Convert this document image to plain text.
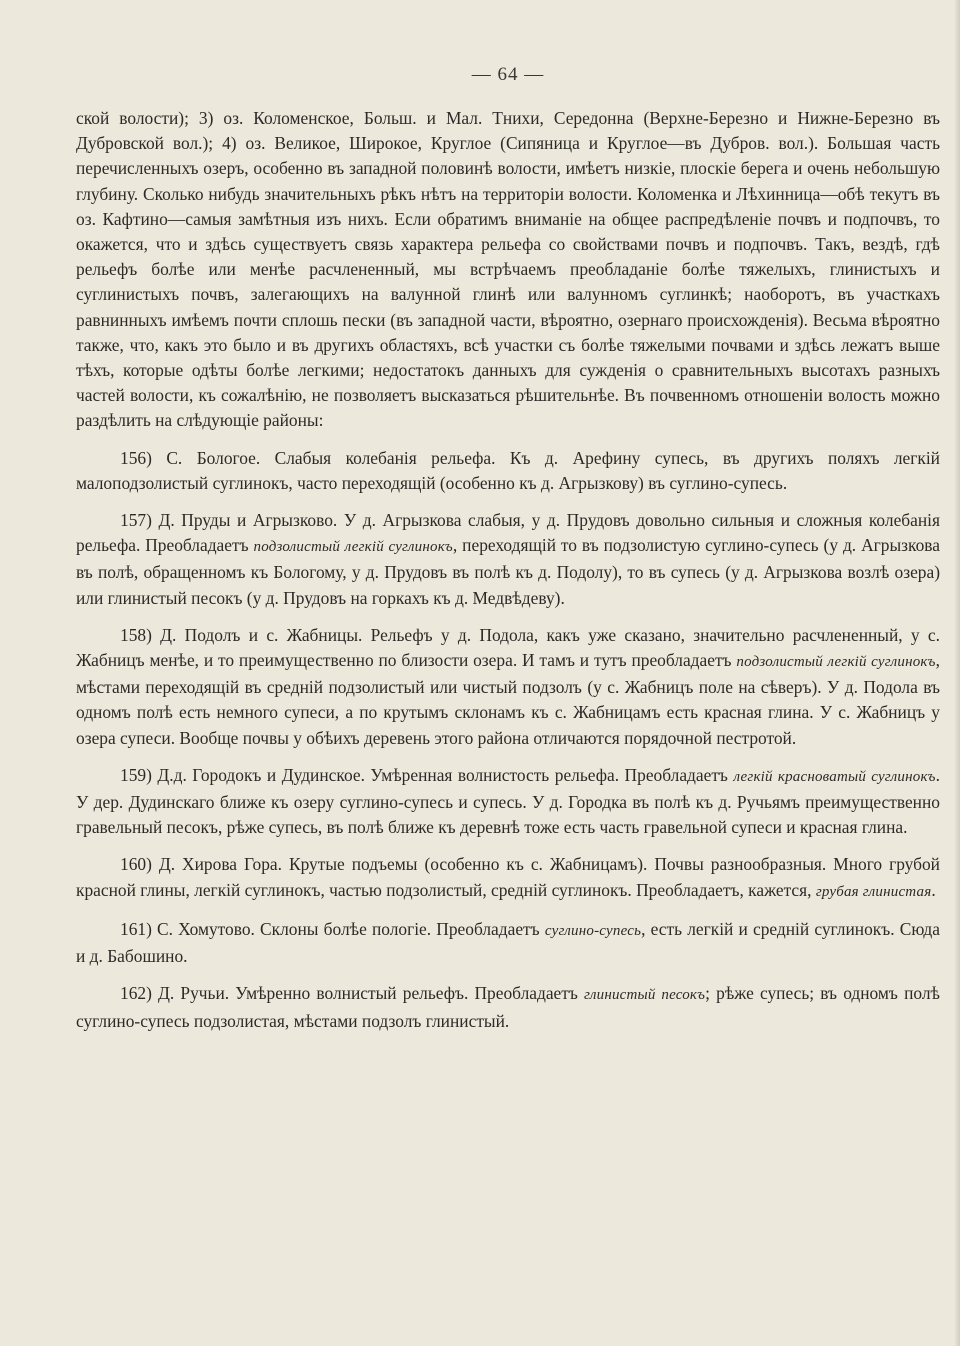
— 64 —

ской волости); 3) оз. Коломенское, Больш. и Мал. Тнихи, Середонна (Верхне-Березно и Нижне-Березно въ Дубровской вол.); 4) оз. Великое, Широкое, Круглое (Сипяница и Круглое—въ Дубров. вол.). Большая часть перечисленныхъ озеръ, особенно въ западной половинѣ волости, имѣетъ низкіе, плоскіе берега и очень небольшую глубину. Сколько нибудь значительныхъ рѣкъ нѣтъ на территоріи волости. Коломенка и Лѣхинница—обѣ текутъ въ оз. Кафтино—самыя замѣтныя изъ нихъ. Если обратимъ вниманіе на общее распредѣленіе почвъ и подпочвъ, то окажется, что и здѣсь существуетъ связь характера рельефа со свойствами почвъ и подпочвъ. Такъ, вездѣ, гдѣ рельефъ болѣе или менѣе расчлененный, мы встрѣчаемъ преобладаніе болѣе тяжелыхъ, глинистыхъ и суглинистыхъ почвъ, залегающихъ на валунной глинѣ или валунномъ суглинкѣ; наоборотъ, въ участкахъ равнинныхъ имѣемъ почти сплошь пески (въ западной части, вѣроятно, озернаго происхожденія). Весьма вѣроятно также, что, какъ это было и въ другихъ областяхъ, всѣ участки съ болѣе тяжелыми почвами и здѣсь лежатъ выше тѣхъ, которые одѣты болѣе легкими; недостатокъ данныхъ для сужденія о сравнительныхъ высотахъ разныхъ частей волости, къ сожалѣнію, не позволяетъ высказаться рѣшительнѣе. Въ почвенномъ отношеніи волость можно раздѣлить на слѣдующіе районы:

156) С. Бологое. Слабыя колебанія рельефа. Къ д. Арефину супесь, въ другихъ поляхъ легкій малоподзолистый суглинокъ, часто переходящій (особенно къ д. Агрызкову) въ суглино-супесь.

157) Д. Пруды и Агрызково. У д. Агрызкова слабыя, у д. Прудовъ довольно сильныя и сложныя колебанія рельефа. Преобладаетъ подзолистый легкій суглинокъ, переходящій то въ подзолистую суглино-супесь (у д. Агрызкова въ полѣ, обращенномъ къ Бологому, у д. Прудовъ въ полѣ къ д. Подолу), то въ супесь (у д. Агрызкова возлѣ озера) или глинистый песокъ (у д. Прудовъ на горкахъ къ д. Медвѣдеву).

158) Д. Подолъ и с. Жабницы. Рельефъ у д. Подола, какъ уже сказано, значительно расчлененный, у с. Жабницъ менѣе, и то преимущественно по близости озера. И тамъ и тутъ преобладаетъ подзолистый легкій суглинокъ, мѣстами переходящій въ средній подзолистый или чистый подзолъ (у с. Жабницъ поле на сѣверъ). У д. Подола въ одномъ полѣ есть немного супеси, а по крутымъ склонамъ къ с. Жабницамъ есть красная глина. У с. Жабницъ у озера супеси. Вообще почвы у обѣихъ деревень этого района отличаются порядочной пестротой.

159) Д.д. Городокъ и Дудинское. Умѣренная волнистость рельефа. Преобладаетъ легкій красноватый суглинокъ. У дер. Дудинскаго ближе къ озеру суглино-супесь и супесь. У д. Городка въ полѣ къ д. Ручьямъ преимущественно гравельный песокъ, рѣже супесь, въ полѣ ближе къ деревнѣ тоже есть часть гравельной супеси и красная глина.

160) Д. Хирова Гора. Крутые подъемы (особенно къ с. Жабницамъ). Почвы разнообразныя. Много грубой красной глины, легкій суглинокъ, частью подзолистый, средній суглинокъ. Преобладаетъ, кажется, грубая глинистая.

161) С. Хомутово. Склоны болѣе пологіе. Преобладаетъ суглино-супесь, есть легкій и средній суглинокъ. Сюда и д. Бабошино.

162) Д. Ручьи. Умѣренно волнистый рельефъ. Преобладаетъ глинистый песокъ; рѣже супесь; въ одномъ полѣ суглино-супесь подзолистая, мѣстами подзолъ глинистый.
